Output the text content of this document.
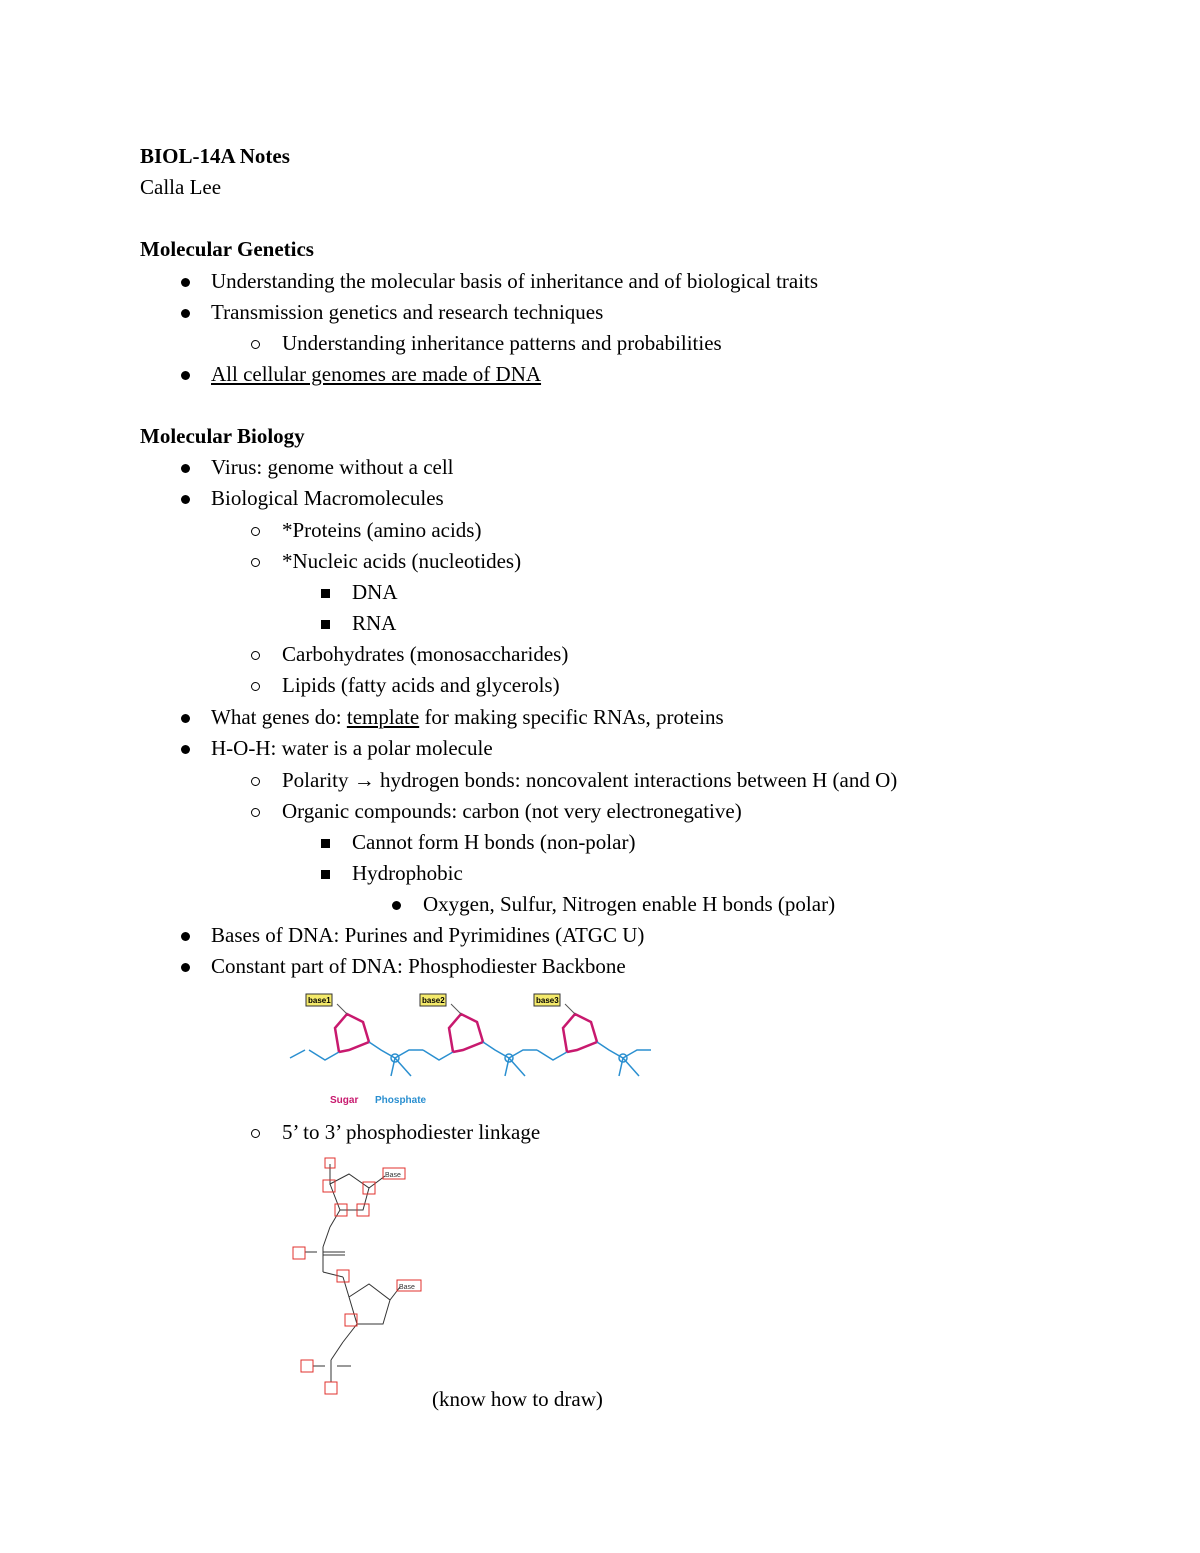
BIOL-14A Notes
Calla Lee
Molecular Genetics
Understanding the molecular basis of inheritance and of biological traits
Transmission genetics and research techniques
Understanding inheritance patterns and probabilities
All cellular genomes are made of DNA
Molecular Biology
Virus: genome without a cell
Biological Macromolecules
*Proteins (amino acids)
*Nucleic acids (nucleotides)
DNA
RNA
Carbohydrates (monosaccharides)
Lipids (fatty acids and glycerols)
What genes do: template for making specific RNAs, proteins
H-O-H: water is a polar molecule
Polarity → hydrogen bonds: noncovalent interactions between H (and O)
Organic compounds: carbon (not very electronegative)
Cannot form H bonds (non-polar)
Hydrophobic
Oxygen, Sulfur, Nitrogen enable H bonds (polar)
Bases of DNA: Purines and Pyrimidines (ATGC U)
Constant part of DNA: Phosphodiester Backbone
base1	base2	base3
Sugar Phosphate
5’ to 3’ phosphodiester linkage
Base
Base
(know how to draw)
